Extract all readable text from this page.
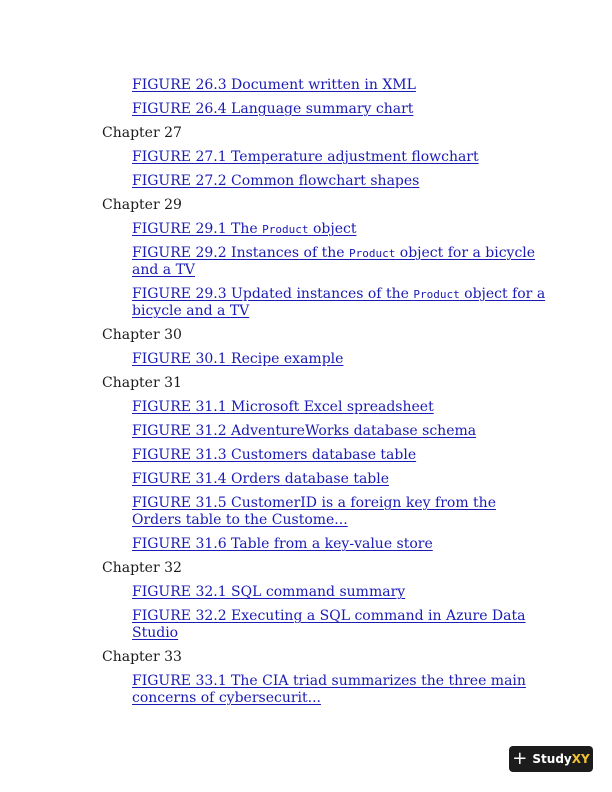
FIGURE 26.3 Document written in XML
FIGURE 26.4 Language summary chart
Chapter 27
FIGURE 27.1 Temperature adjustment flowchart
FIGURE 27.2 Common flowchart shapes
Chapter 29
FIGURE 29.1 The Product object
FIGURE 29.2 Instances of the Product object for a bicycle and a TV
FIGURE 29.3 Updated instances of the Product object for a bicycle and a TV
Chapter 30
FIGURE 30.1 Recipe example
Chapter 31
FIGURE 31.1 Microsoft Excel spreadsheet
FIGURE 31.2 AdventureWorks database schema
FIGURE 31.3 Customers database table
FIGURE 31.4 Orders database table
FIGURE 31.5 CustomerID is a foreign key from the Orders table to the Custome...
FIGURE 31.6 Table from a key-value store
Chapter 32
FIGURE 32.1 SQL command summary
FIGURE 32.2 Executing a SQL command in Azure Data Studio
Chapter 33
FIGURE 33.1 The CIA triad summarizes the three main concerns of cybersecurit...
+ Study XY
